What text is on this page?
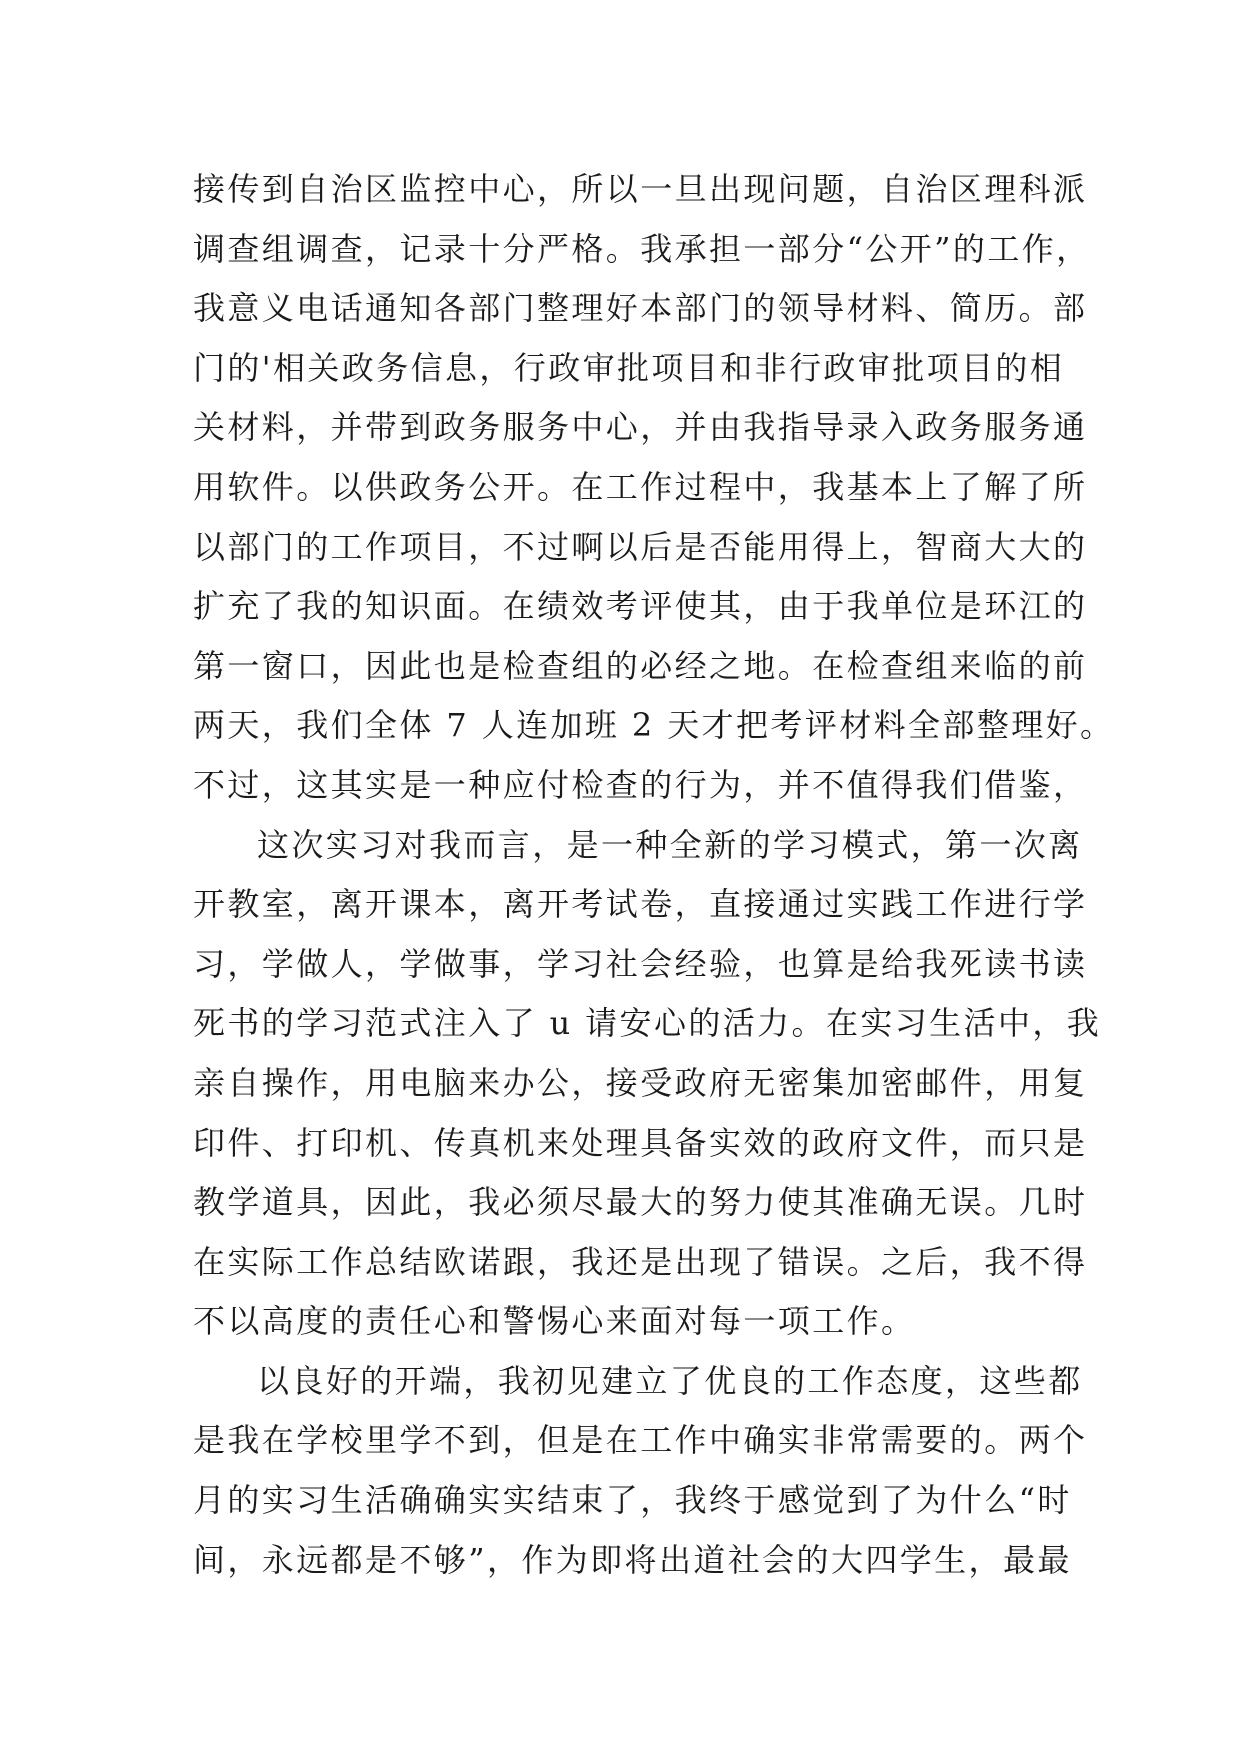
接传到自治区监控中心，所以一旦出现问题，自治区理科派
调查组调查，记录十分严格。我承担一部分“公开”的工作，
我意义电话通知各部门整理好本部门的领导材料、简历。部
门的'相关政务信息，行政审批项目和非行政审批项目的相
关材料，并带到政务服务中心，并由我指导录入政务服务通
用软件。以供政务公开。在工作过程中，我基本上了解了所
以部门的工作项目，不过啊以后是否能用得上，智商大大的
扩充了我的知识面。在绩效考评使其，由于我单位是环江的
第一窗口，因此也是检查组的必经之地。在检查组来临的前
两天，我们全体 7 人连加班 2 天才把考评材料全部整理好。
不过，这其实是一种应付检查的行为，并不值得我们借鉴，
这次实习对我而言，是一种全新的学习模式，第一次离
开教室，离开课本，离开考试卷，直接通过实践工作进行学
习，学做人，学做事，学习社会经验，也算是给我死读书读
死书的学习范式注入了 u 请安心的活力。在实习生活中，我
亲自操作，用电脑来办公，接受政府无密集加密邮件，用复
印件、打印机、传真机来处理具备实效的政府文件，而只是
教学道具，因此，我必须尽最大的努力使其准确无误。几时
在实际工作总结欧诺跟，我还是出现了错误。之后，我不得
不以高度的责任心和警惕心来面对每一项工作。
以良好的开端，我初见建立了优良的工作态度，这些都
是我在学校里学不到，但是在工作中确实非常需要的。两个
月的实习生活确确实实结束了，我终于感觉到了为什么“时
间，永远都是不够”，作为即将出道社会的大四学生，最最
